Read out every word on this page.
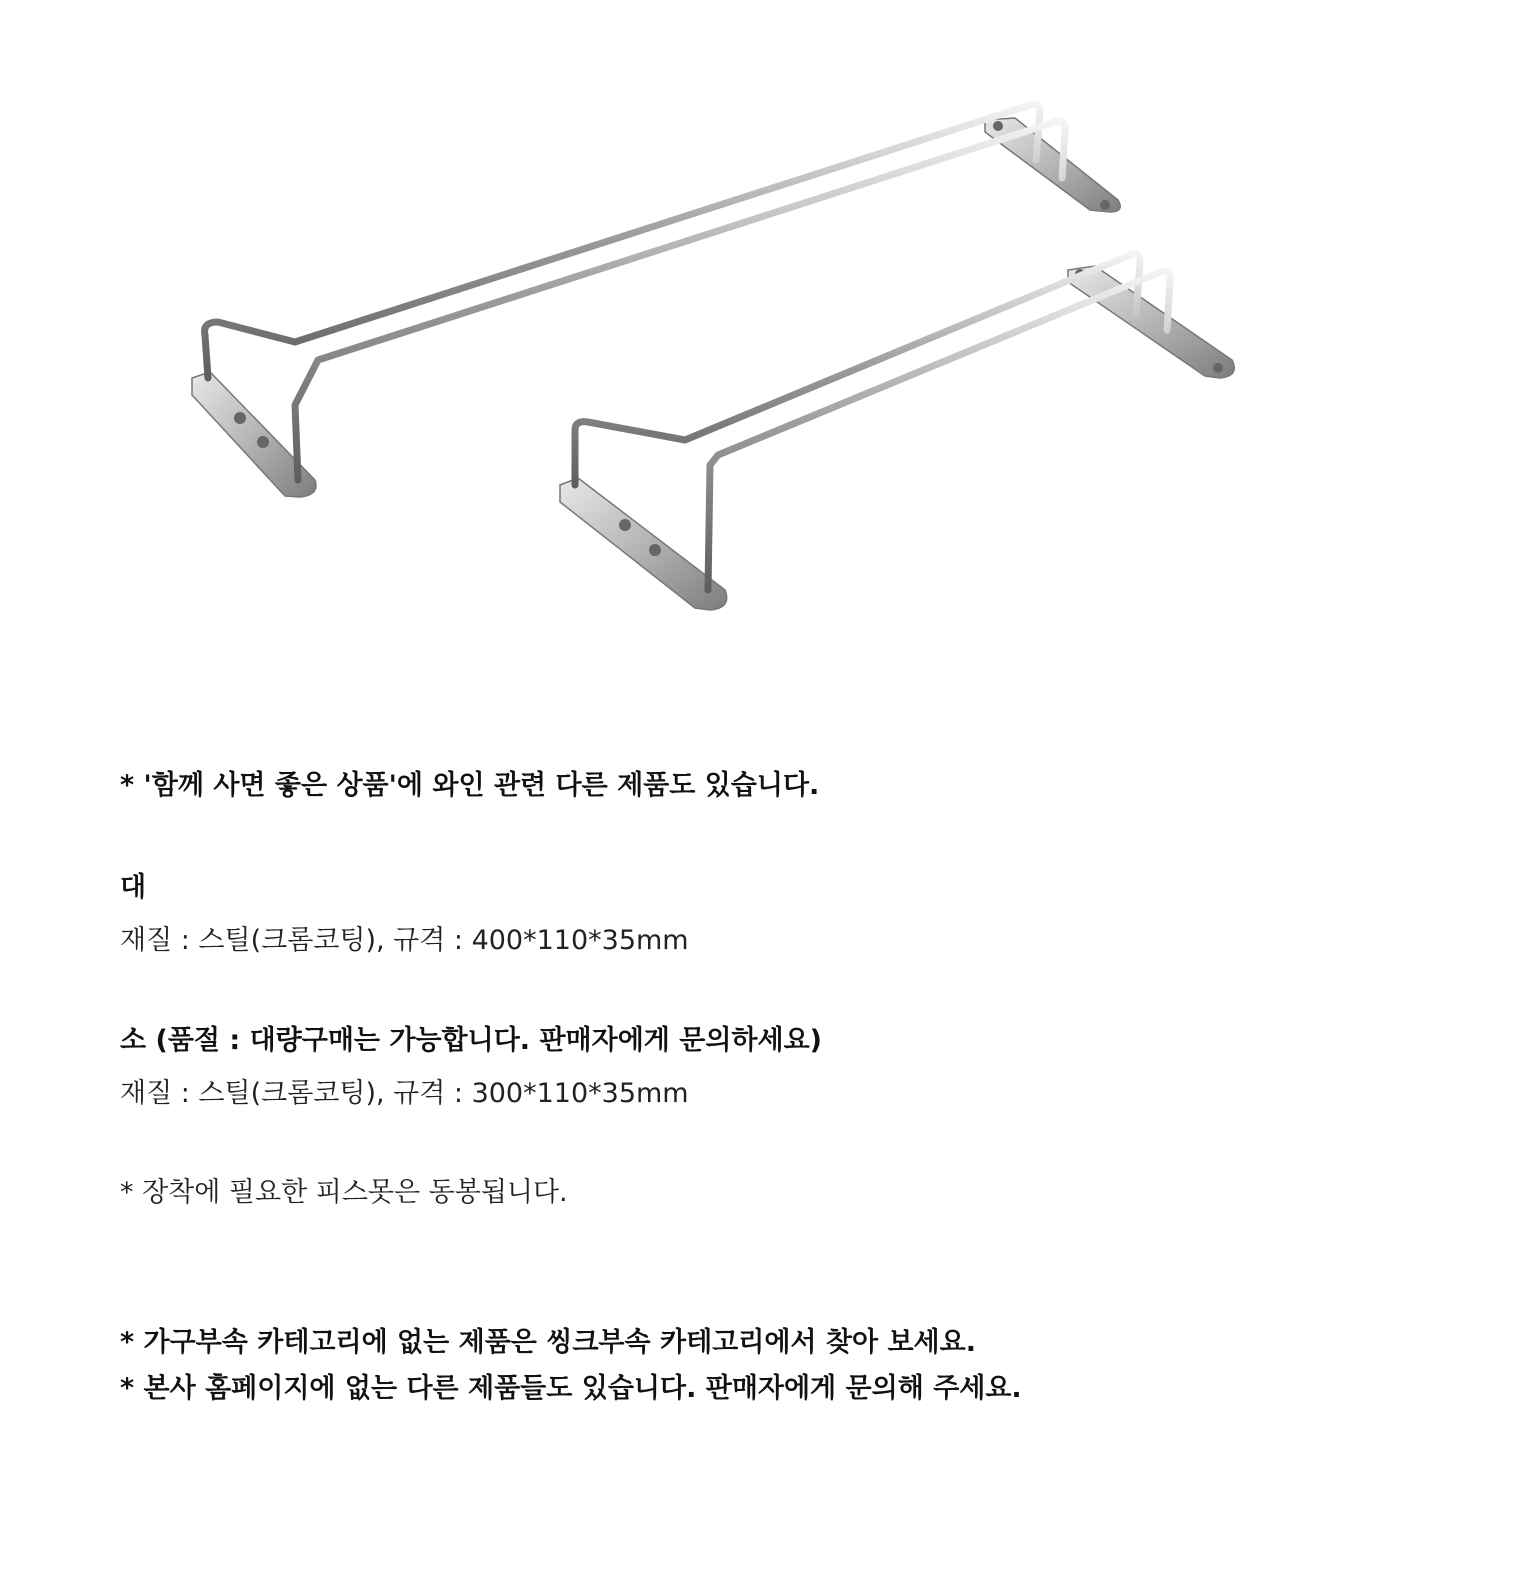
* '함께 사면 좋은 상품'에 와인 관련 다른 제품도 있습니다.
대
재질 : 스틸(크롬코팅), 규격 : 400*110*35mm
소 (품절 : 대량구매는 가능합니다. 판매자에게 문의하세요)
재질 : 스틸(크롬코팅), 규격 : 300*110*35mm
* 장착에 필요한 피스못은 동봉됩니다.
* 가구부속 카테고리에 없는 제품은 씽크부속 카테고리에서 찾아 보세요.
* 본사 홈페이지에 없는 다른 제품들도 있습니다. 판매자에게 문의해 주세요.
